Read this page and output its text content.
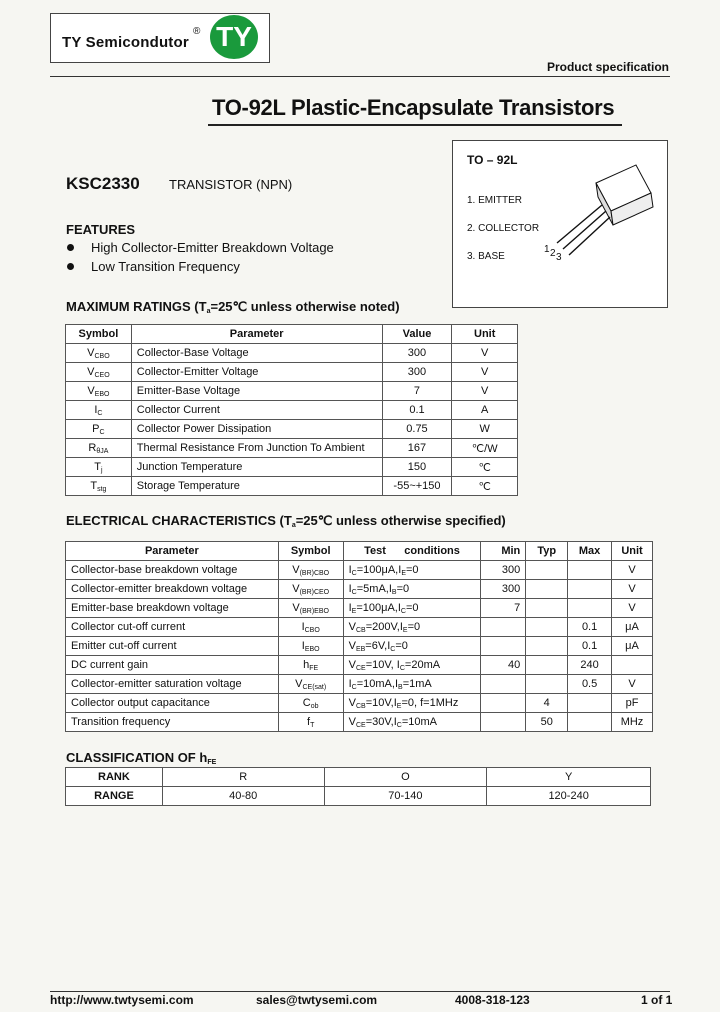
TY Semicondutor
® TY
Product specification
TO-92L Plastic-Encapsulate Transistors
TO – 92L
1. EMITTER
2. COLLECTOR
3. BASE
1 2 3
KSC2330 TRANSISTOR (NPN)
FEATURES
High Collector-Emitter Breakdown Voltage
Low Transition Frequency
MAXIMUM RATINGS ($T_a=25℃$ unless otherwise noted)
Symbol	Parameter	Value	Unit
$V_{CBO}$	Collector-Base Voltage	300	V
$V_{CEO}$	Collector-Emitter Voltage	300	V
$V_{EBO}$	Emitter-Base Voltage	7	V
$I_C$	Collector Current	0.1	A
$P_C$	Collector Power Dissipation	0.75	W
$R_{\theta JA}$	Thermal Resistance From Junction To Ambient	167	℃/W
$T_j$	Junction Temperature	150	℃
$T_{stg}$	Storage Temperature	-55~+150	℃
ELECTRICAL CHARACTERISTICS ($T_a=25℃$ unless otherwise specified)
Parameter	Symbol	Test      conditions	Min	Typ	Max	Unit
Collector-base breakdown voltage	$V_{(BR)CBO}$	$I_C=100\mu A,I_E=0$	300			V
Collector-emitter breakdown voltage	$V_{(BR)CEO}$	$I_C=5mA,I_B=0$	300			V
Emitter-base breakdown voltage	$V_{(BR)EBO}$	$I_E=100\mu A,I_C=0$	7			V
Collector cut-off current	$I_{CBO}$	$V_{CB}=200V,I_E=0$			0.1	μA
Emitter cut-off current	$I_{EBO}$	$V_{EB}=6V,I_C=0$			0.1	μA
DC current gain	$h_{FE}$	$V_{CE}=10V$, $I_C=20mA$	40		240	
Collector-emitter saturation voltage	$V_{CE(sat)}$	$I_C=10mA,I_B=1mA$			0.5	V
Collector output capacitance	$C_{ob}$	$V_{CB}=10V,I_E=0$, f=1MHz		4		pF
Transition frequency	$f_T$	$V_{CE}=30V,I_C=10mA$		50		MHz
CLASSIFICATION OF $h_{FE}$
RANK	R	O	Y
RANGE	40-80	70-140	120-240
http://www.twtysemi.com	sales@twtysemi.com	4008-318-123	1 of 1
